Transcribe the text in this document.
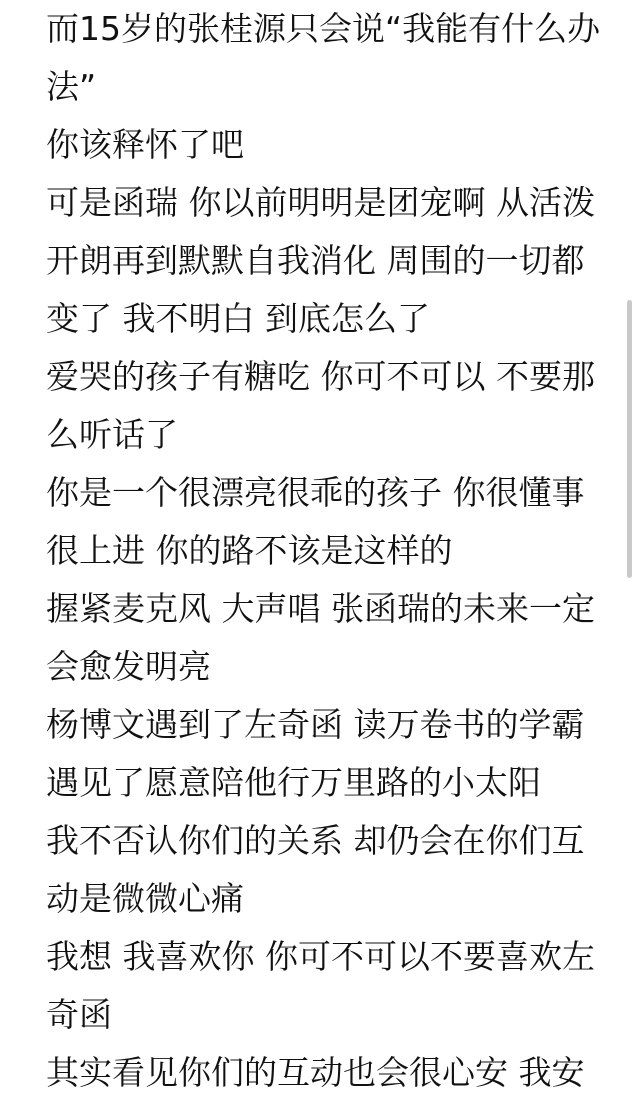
而15岁的张桂源只会说“我能有什么办
法”
你该释怀了吧
可是函瑞 你以前明明是团宠啊 从活泼
开朗再到默默自我消化 周围的一切都
变了 我不明白 到底怎么了
爱哭的孩子有糖吃 你可不可以 不要那
么听话了
你是一个很漂亮很乖的孩子 你很懂事
很上进 你的路不该是这样的
握紧麦克风 大声唱 张函瑞的未来一定
会愈发明亮
杨博文遇到了左奇函 读万卷书的学霸
遇见了愿意陪他行万里路的小太阳
我不否认你们的关系 却仍会在你们互
动是微微心痛
我想 我喜欢你 你可不可以不要喜欢左
奇函
其实看见你们的互动也会很心安 我安
